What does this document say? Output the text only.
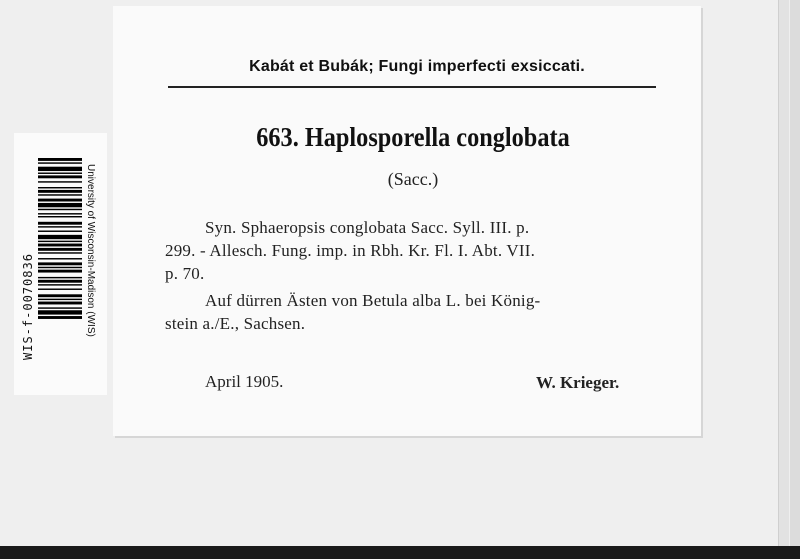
WIS-f-0070836	University of Wisconsin-Madison (WIS)
Kabát et Bubák; Fungi imperfecti exsiccati.
663. Haplosporella conglobata
(Sacc.)
Syn. Sphaeropsis conglobata Sacc. Syll. III. p.
299. - Allesch. Fung. imp. in Rbh. Kr. Fl. I. Abt. VII.
p. 70.
Auf dürren Ästen von Betula alba L. bei König-
stein a./E., Sachsen.
April 1905.	W. Krieger.
